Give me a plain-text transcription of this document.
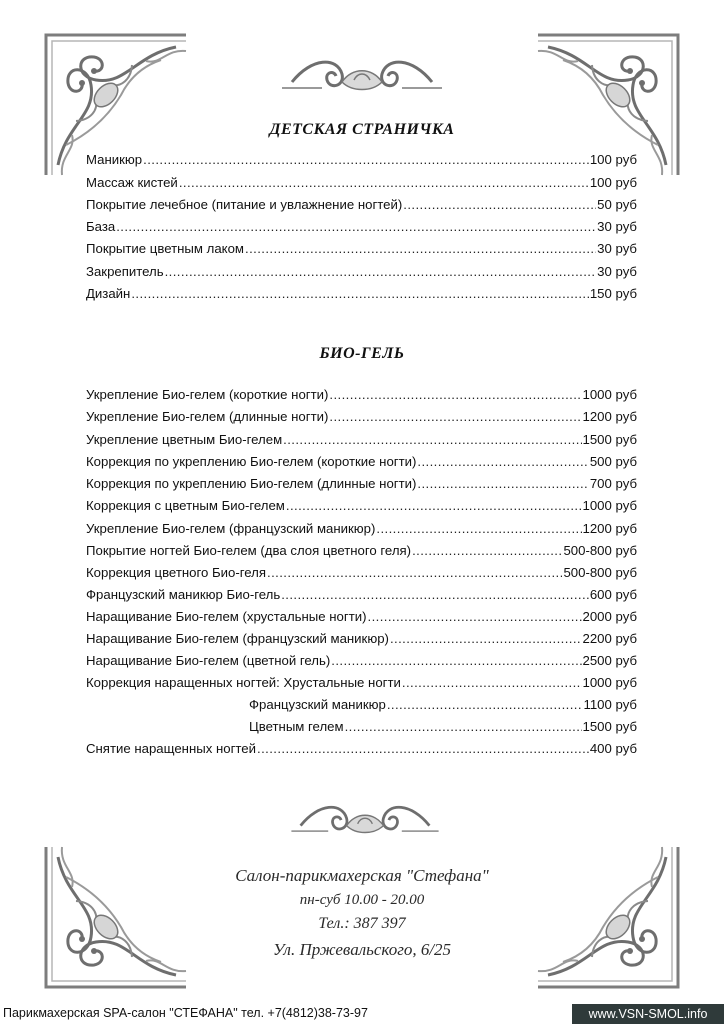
ДЕТСКАЯ СТРАНИЧКА
Маникюр .....	100 руб
Массаж кистей .....	100 руб
Покрытие лечебное (питание и увлажнение ногтей) .....	50 руб
База .....	30 руб
Покрытие цветным лаком .....	30 руб
Закрепитель .....	30 руб
Дизайн .....	150 руб
БИО-ГЕЛЬ
Укрепление Био-гелем (короткие ногти) .....	1000 руб
Укрепление Био-гелем (длинные ногти) .....	1200 руб
Укрепление цветным Био-гелем .....	1500 руб
Коррекция по укреплению Био-гелем (короткие ногти) .....	500 руб
Коррекция по укреплению Био-гелем (длинные ногти) .....	700 руб
Коррекция с цветным Био-гелем .....	1000 руб
Укрепление Био-гелем (французский маникюр) .....	1200 руб
Покрытие ногтей Био-гелем (два слоя цветного геля) .....	500-800 руб
Коррекция цветного Био-геля .....	500-800 руб
Французский маникюр Био-гель .....	600 руб
Наращивание Био-гелем (хрустальные ногти) .....	2000 руб
Наращивание Био-гелем (французский маникюр) .....	2200 руб
Наращивание Био-гелем (цветной гель) .....	2500 руб
Коррекция наращенных ногтей: Хрустальные ногти .....	1000 руб
Французский маникюр .....	1100 руб
Цветным гелем .....	1500 руб
Снятие наращенных ногтей .....	400 руб
Салон-парикмахерская "Стефана"
пн-суб 10.00 - 20.00
Тел.: 387 397
Ул. Пржевальского, 6/25
Парикмахерская SPA-салон "СТЕФАНА" тел. +7(4812)38-73-97	www.VSN-SMOL.info
